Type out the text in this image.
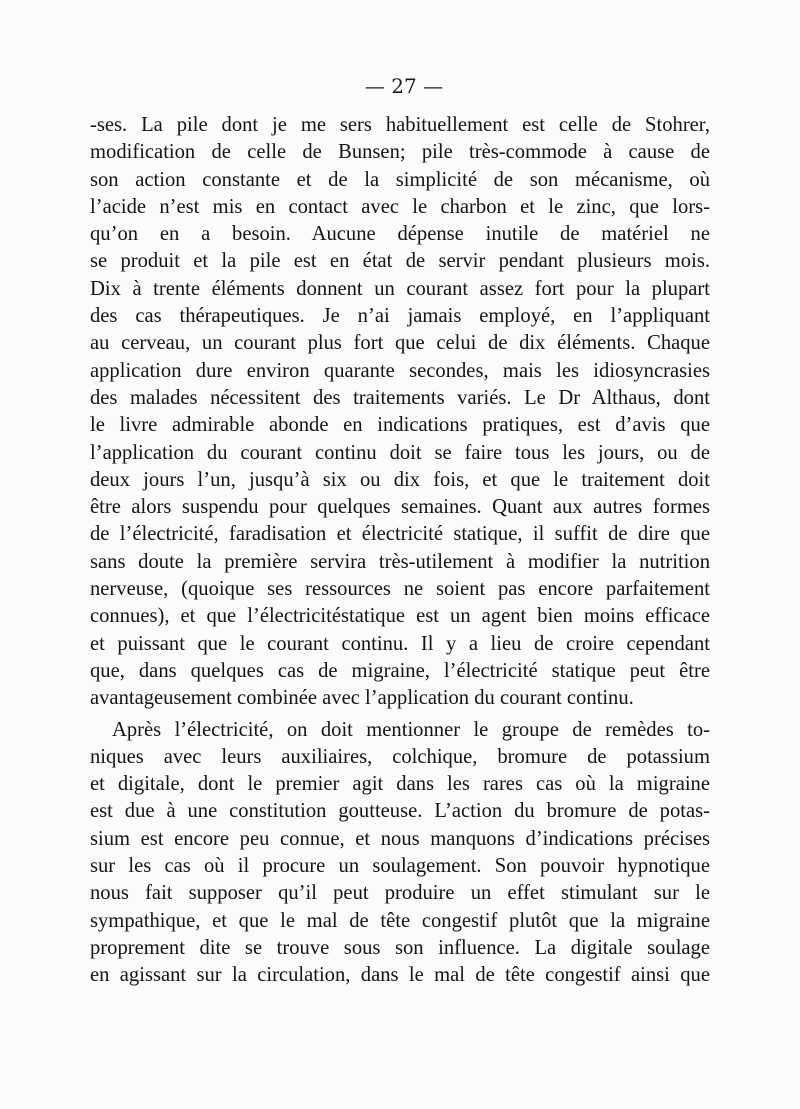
— 27 —
-ses. La pile dont je me sers habituellement est celle de Stohrer,
modification de celle de Bunsen; pile très-commode à cause de
son action constante et de la simplicité de son mécanisme, où
l’acide n’est mis en contact avec le charbon et le zinc, que lors-
qu’on en a besoin. Aucune dépense inutile de matériel ne
se produit et la pile est en état de servir pendant plusieurs mois.
Dix à trente éléments donnent un courant assez fort pour la plupart
des cas thérapeutiques. Je n’ai jamais employé, en l’appliquant
au cerveau, un courant plus fort que celui de dix éléments. Chaque
application dure environ quarante secondes, mais les idiosyncrasies
des malades nécessitent des traitements variés. Le Dr Althaus, dont
le livre admirable abonde en indications pratiques, est d’avis que
l’application du courant continu doit se faire tous les jours, ou de
deux jours l’un, jusqu’à six ou dix fois, et que le traitement doit
être alors suspendu pour quelques semaines. Quant aux autres formes
de l’électricité, faradisation et électricité statique, il suffit de dire que
sans doute la première servira très-utilement à modifier la nutrition
nerveuse, (quoique ses ressources ne soient pas encore parfaitement
connues), et que l’électricitéstatique est un agent bien moins efficace
et puissant que le courant continu. Il y a lieu de croire cependant
que, dans quelques cas de migraine, l’électricité statique peut être
avantageusement combinée avec l’application du courant continu.
Après l’électricité, on doit mentionner le groupe de remèdes to-
niques avec leurs auxiliaires, colchique, bromure de potassium
et digitale, dont le premier agit dans les rares cas où la migraine
est due à une constitution goutteuse. L’action du bromure de potas-
sium est encore peu connue, et nous manquons d’indications précises
sur les cas où il procure un soulagement. Son pouvoir hypnotique
nous fait supposer qu’il peut produire un effet stimulant sur le
sympathique, et que le mal de tête congestif plutôt que la migraine
proprement dite se trouve sous son influence. La digitale soulage
en agissant sur la circulation, dans le mal de tête congestif ainsi que
